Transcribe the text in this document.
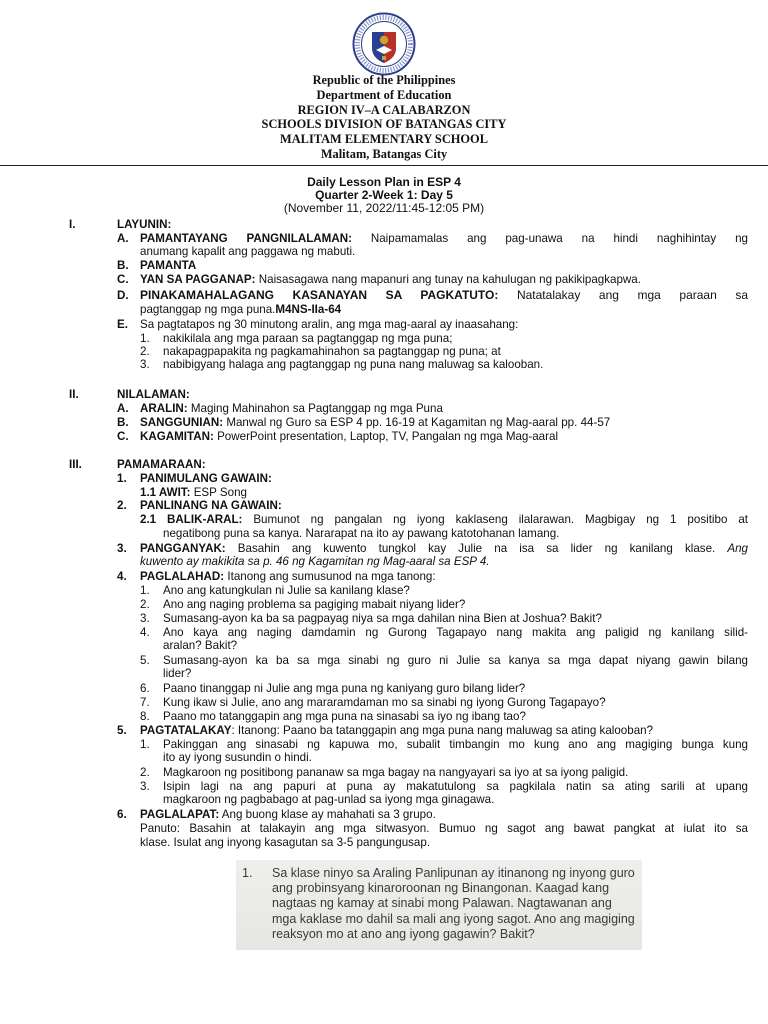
Republic of the Philippines
Department of Education
REGION IV–A CALABARZON
SCHOOLS DIVISION OF BATANGAS CITY
MALITAM ELEMENTARY SCHOOL
Malitam, Batangas City
Daily Lesson Plan in ESP 4
Quarter 2-Week 1: Day 5
(November 11, 2022/11:45-12:05 PM)
I.	LAYUNIN:
A. PAMANTAYANG PANGNILALAMAN: Naipamamalas ang pag-unawa na hindi naghihintay ng
anumang kapalit ang paggawa ng mabuti.
B. PAMANTA
C. YAN SA PAGGANAP: Naisasagawa nang mapanuri ang tunay na kahulugan ng pakikipagkapwa.
D. PINAKAMAHALAGANG KASANAYAN SA PAGKATUTO: Natatalakay ang mga paraan sa
pagtanggap ng mga puna.M4NS-IIa-64
E. Sa pagtatapos ng 30 minutong aralin, ang mga mag-aaral ay inaasahang:
1. nakikilala ang mga paraan sa pagtanggap ng mga puna;
2. nakapagpapakita ng pagkamahinahon sa pagtanggap ng puna; at
3. nabibigyang halaga ang pagtanggap ng puna nang maluwag sa kalooban.
II.	NILALAMAN:
A. ARALIN: Maging Mahinahon sa Pagtanggap ng mga Puna
B. SANGGUNIAN: Manwal ng Guro sa ESP 4 pp. 16-19 at Kagamitan ng Mag-aaral pp. 44-57
C. KAGAMITAN: PowerPoint presentation, Laptop, TV, Pangalan ng mga Mag-aaral
III.	PAMAMARAAN:
1. PANIMULANG GAWAIN:
1.1 AWIT: ESP Song
2. PANLINANG NA GAWAIN:
2.1 BALIK-ARAL: Bumunot ng pangalan ng iyong kaklaseng ilalarawan. Magbigay ng 1 positibo at
negatibong puna sa kanya. Nararapat na ito ay pawang katotohanan lamang.
3. PANGGANYAK: Basahin ang kuwento tungkol kay Julie na isa sa lider ng kanilang klase. Ang
kuwento ay makikita sa p. 46 ng Kagamitan ng Mag-aaral sa ESP 4.
4. PAGLALAHAD: Itanong ang sumusunod na mga tanong:
1. Ano ang katungkulan ni Julie sa kanilang klase?
2. Ano ang naging problema sa pagiging mabait niyang lider?
3. Sumasang-ayon ka ba sa pagpayag niya sa mga dahilan nina Bien at Joshua? Bakit?
4. Ano kaya ang naging damdamin ng Gurong Tagapayo nang makita ang paligid ng kanilang silid-
aralan? Bakit?
5. Sumasang-ayon ka ba sa mga sinabi ng guro ni Julie sa kanya sa mga dapat niyang gawin bilang
lider?
6. Paano tinanggap ni Julie ang mga puna ng kaniyang guro bilang lider?
7. Kung ikaw si Julie, ano ang mararamdaman mo sa sinabi ng iyong Gurong Tagapayo?
8. Paano mo tatanggapin ang mga puna na sinasabi sa iyo ng ibang tao?
5. PAGTATALAKAY: Itanong: Paano ba tatanggapin ang mga puna nang maluwag sa ating kalooban?
1. Pakinggan ang sinasabi ng kapuwa mo, subalit timbangin mo kung ano ang magiging bunga kung
ito ay iyong susundin o hindi.
2. Magkaroon ng positibong pananaw sa mga bagay na nangyayari sa iyo at sa iyong paligid.
3. Isipin lagi na ang papuri at puna ay makatutulong sa pagkilala natin sa ating sarili at upang
magkaroon ng pagbabago at pag-unlad sa iyong mga ginagawa.
6. PAGLALAPAT: Ang buong klase ay mahahati sa 3 grupo.
Panuto: Basahin at talakayin ang mga sitwasyon. Bumuo ng sagot ang bawat pangkat at iulat ito sa
klase. Isulat ang inyong kasagutan sa 3-5 pangungusap.
1. Sa klase ninyo sa Araling Panlipunan ay itinanong ng inyong guro ang probinsyang kinaroroonan ng Binangonan. Kaagad kang nagtaas ng kamay at sinabi mong Palawan. Nagtawanan ang mga kaklase mo dahil sa mali ang iyong sagot. Ano ang magiging reaksyon mo at ano ang iyong gagawin? Bakit?
